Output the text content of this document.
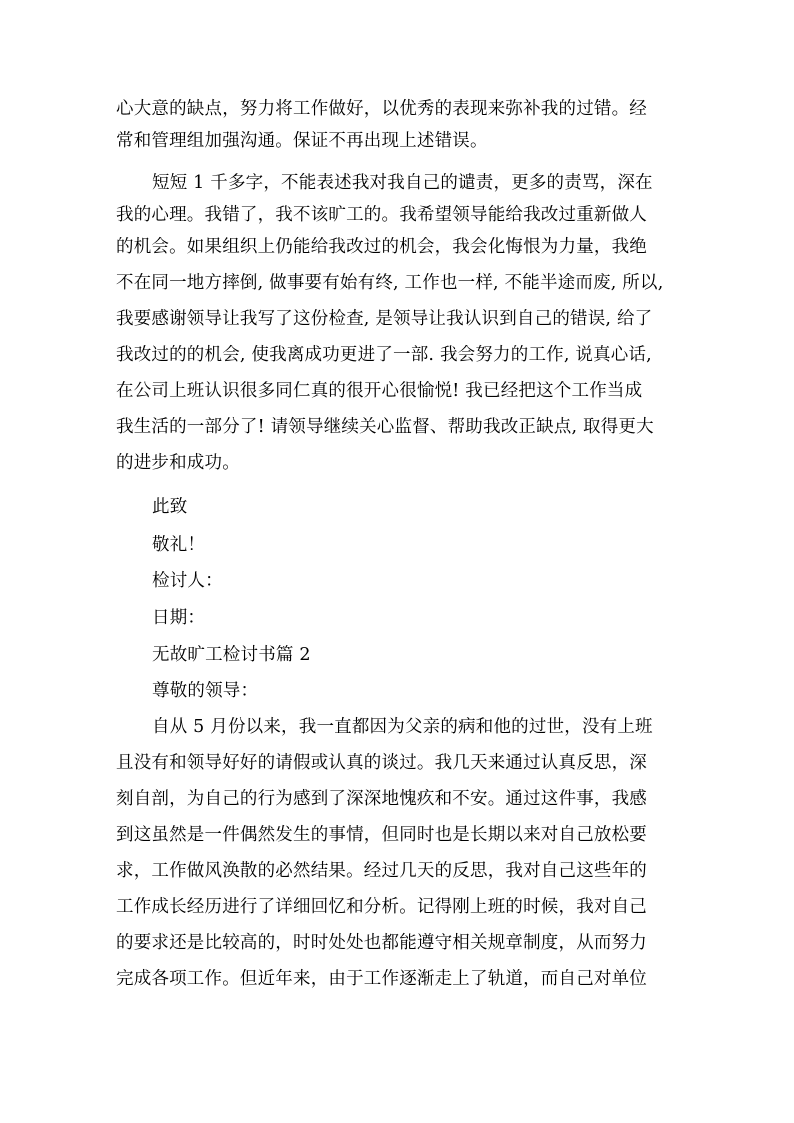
心大意的缺点，努力将工作做好，以优秀的表现来弥补我的过错。经
常和管理组加强沟通。保证不再出现上述错误。
短短 1 千多字，不能表述我对我自己的谴责，更多的责骂，深在
我的心理。我错了，我不该旷工的。我希望领导能给我改过重新做人
的机会。如果组织上仍能给我改过的机会，我会化悔恨为力量，我绝
不在同一地方摔倒, 做事要有始有终, 工作也一样, 不能半途而废, 所以,
我要感谢领导让我写了这份检查, 是领导让我认识到自己的错误, 给了
我改过的的机会, 使我离成功更进了一部. 我会努力的工作, 说真心话,
在公司上班认识很多同仁真的很开心很愉悦! 我已经把这个工作当成
我生活的一部分了! 请领导继续关心监督、帮助我改正缺点, 取得更大
的进步和成功。
此致
敬礼！
检讨人：
日期：
无故旷工检讨书篇 2
尊敬的领导：
自从 5 月份以来，我一直都因为父亲的病和他的过世，没有上班
且没有和领导好好的请假或认真的谈过。我几天来通过认真反思，深
刻自剖，为自己的行为感到了深深地愧疚和不安。通过这件事，我感
到这虽然是一件偶然发生的事情，但同时也是长期以来对自己放松要
求，工作做风涣散的必然结果。经过几天的反思，我对自己这些年的
工作成长经历进行了详细回忆和分析。记得刚上班的时候，我对自己
的要求还是比较高的，时时处处也都能遵守相关规章制度，从而努力
完成各项工作。但近年来，由于工作逐渐走上了轨道，而自己对单位
